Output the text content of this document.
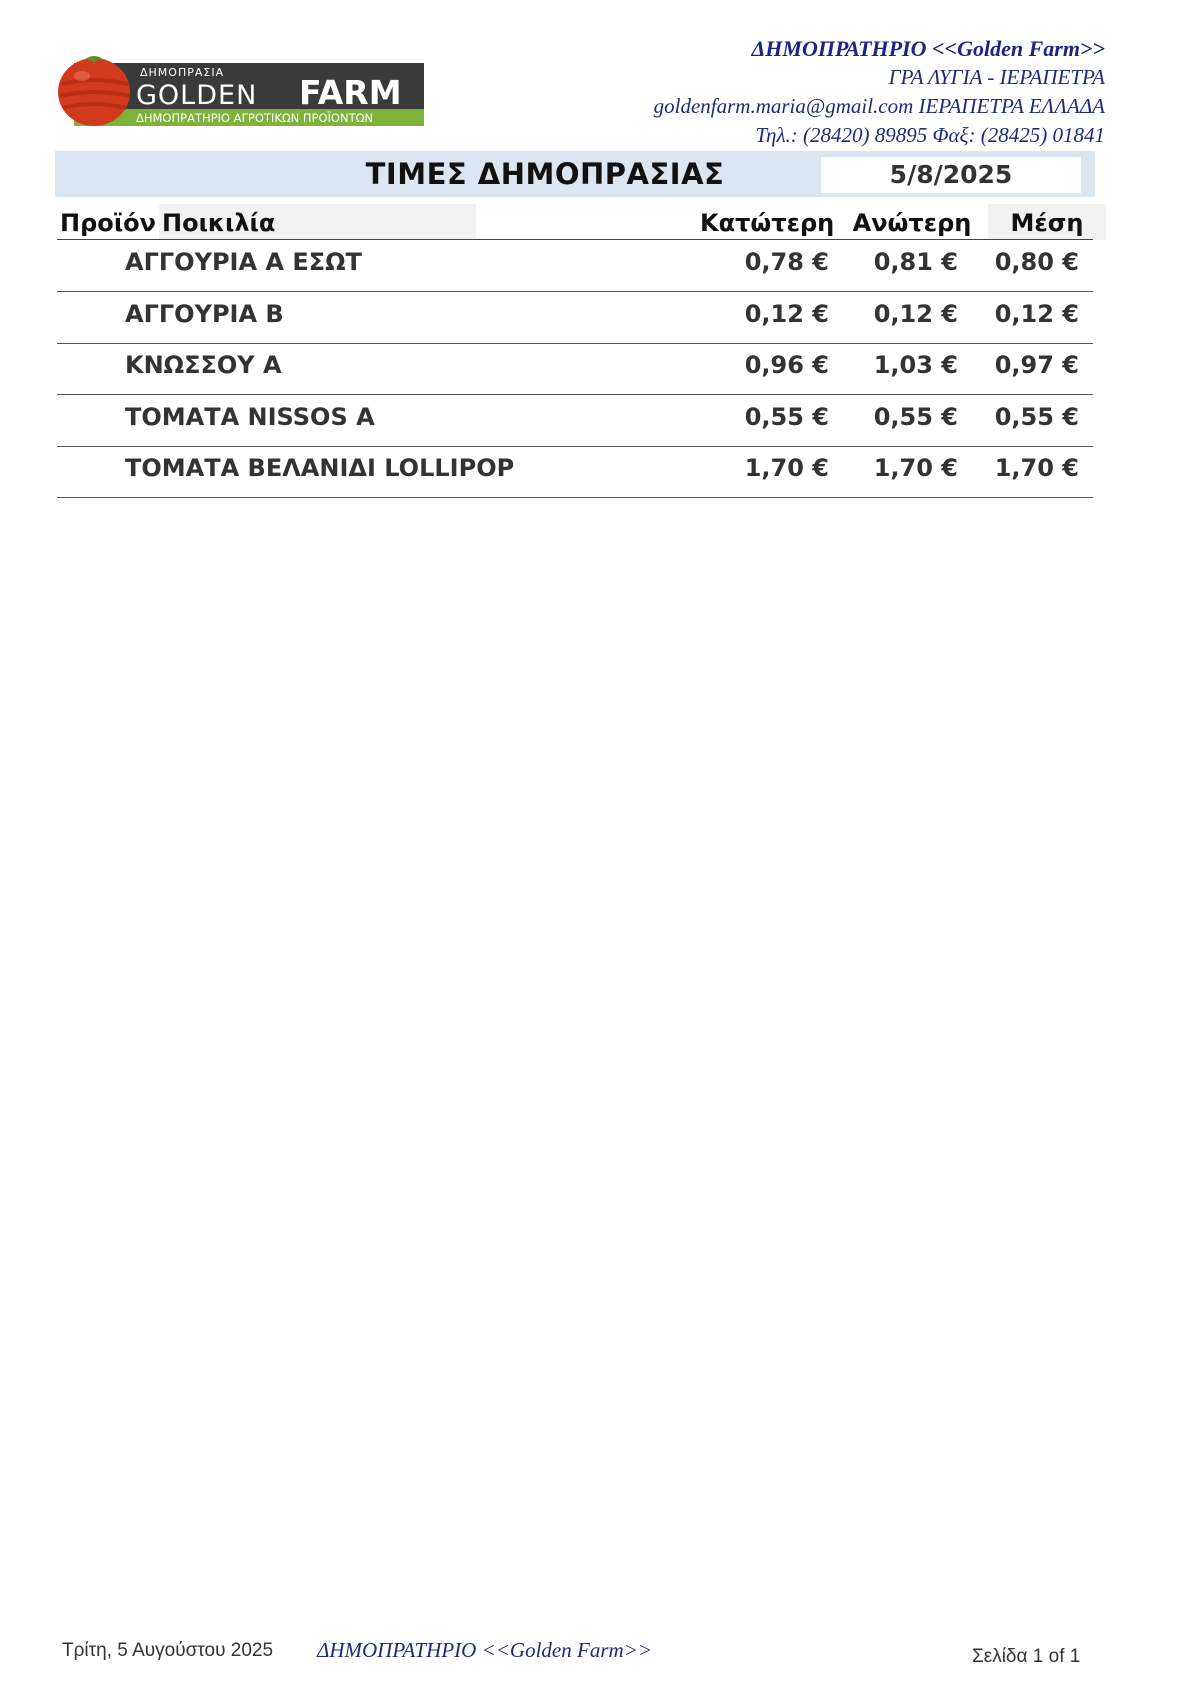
ΔΗΜΟΠΡΑΣΙΑ
GOLDEN FARM
ΔΗΜΟΠΡΑΤΗΡΙΟ ΑΓΡΟΤΙΚΩΝ ΠΡΟΪΟΝΤΩΝ
ΔΗΜΟΠΡΑΤΗΡΙΟ <<Golden Farm>>
ΓΡΑ ΛΥΓΙΑ - ΙΕΡΑΠΕΤΡΑ
goldenfarm.maria@gmail.com ΙΕΡΑΠΕΤΡΑ ΕΛΛΑΔΑ
Τηλ.: (28420) 89895 Φαξ: (28425) 01841
ΤΙΜΕΣ ΔΗΜΟΠΡΑΣΙΑΣ	5/8/2025
Προϊόν Ποικιλία	Κατώτερη Ανώτερη	Μέση
ΑΓΓΟΥΡΙΑ Α ΕΣΩΤ	0,78 € 0,81 € 0,80 €
ΑΓΓΟΥΡΙΑ Β	0,12 € 0,12 € 0,12 €
ΚΝΩΣΣΟΥ Α	0,96 € 1,03 € 0,97 €
ΤΟΜΑΤΑ NISSOS A	0,55 € 0,55 € 0,55 €
ΤΟΜΑΤΑ ΒΕΛΑΝΙΔΙ LOLLIPOP	1,70 € 1,70 € 1,70 €
Τρίτη, 5 Αυγούστου 2025 ΔΗΜΟΠΡΑΤΗΡΙΟ <<Golden Farm>>	Σελίδα 1 of 1
